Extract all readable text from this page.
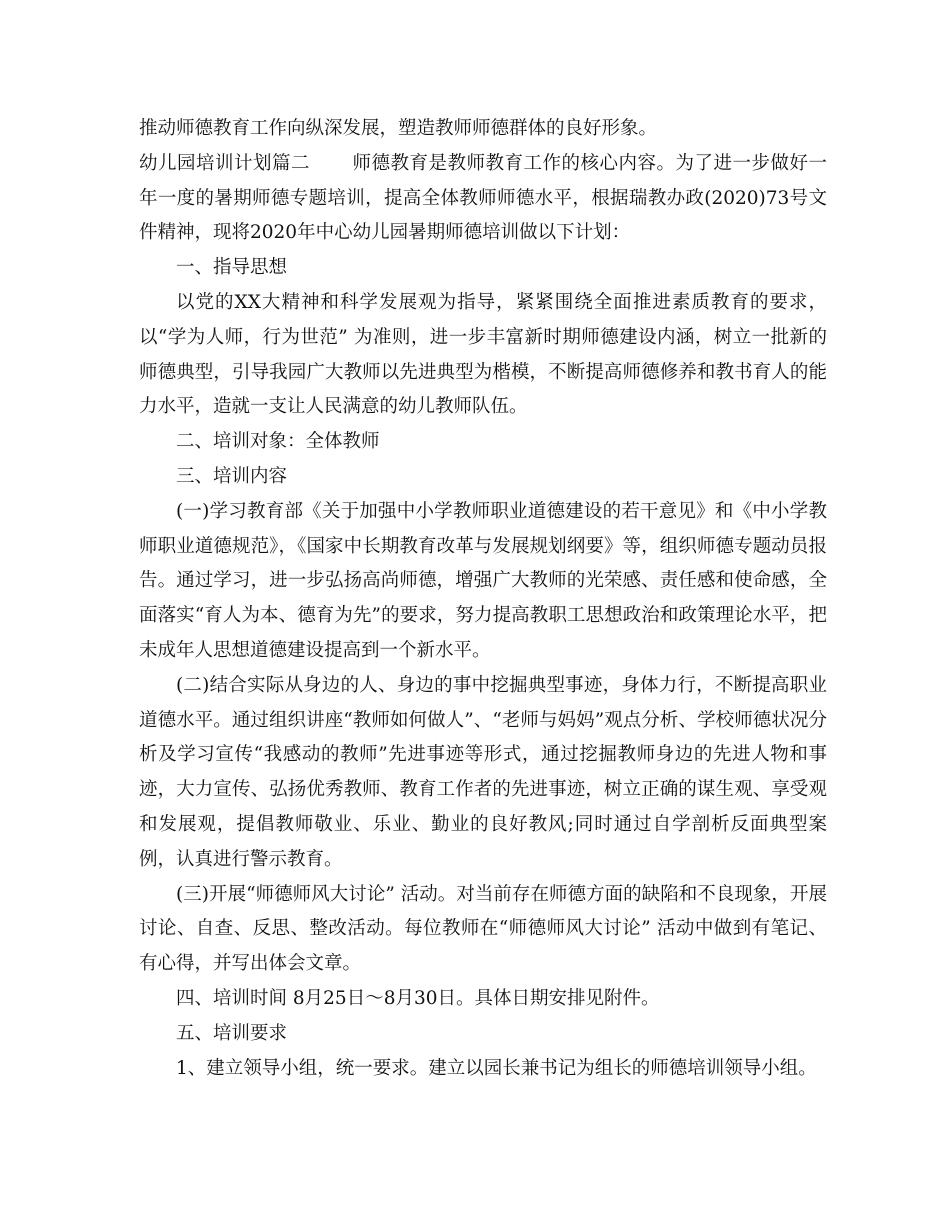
推动师德教育工作向纵深发展，塑造教师师德群体的良好形象。

幼儿园培训计划篇二 师德教育是教师教育工作的核心内容。为了进一步做好一年一度的暑期师德专题培训，提高全体教师师德水平，根据瑞教办政(2020)73号文件精神，现将2020年中心幼儿园暑期师德培训做以下计划：

一、指导思想

以党的XX大精神和科学发展观为指导，紧紧围绕全面推进素质教育的要求，以“学为人师，行为世范” 为准则，进一步丰富新时期师德建设内涵，树立一批新的师德典型，引导我园广大教师以先进典型为楷模，不断提高师德修养和教书育人的能力水平，造就一支让人民满意的幼儿教师队伍。

二、培训对象：全体教师

三、培训内容

(一)学习教育部《关于加强中小学教师职业道德建设的若干意见》和《中小学教师职业道德规范》，《国家中长期教育改革与发展规划纲要》等，组织师德专题动员报告。通过学习，进一步弘扬高尚师德，增强广大教师的光荣感、责任感和使命感，全面落实“育人为本、德育为先”的要求，努力提高教职工思想政治和政策理论水平，把未成年人思想道德建设提高到一个新水平。

(二)结合实际从身边的人、身边的事中挖掘典型事迹，身体力行，不断提高职业道德水平。通过组织讲座“教师如何做人”、“老师与妈妈”观点分析、学校师德状况分析及学习宣传“我感动的教师”先进事迹等形式，通过挖掘教师身边的先进人物和事迹，大力宣传、弘扬优秀教师、教育工作者的先进事迹，树立正确的谋生观、享受观和发展观，提倡教师敬业、乐业、勤业的良好教风;同时通过自学剖析反面典型案例，认真进行警示教育。

(三)开展“师德师风大讨论” 活动。对当前存在师德方面的缺陷和不良现象，开展讨论、自查、反思、整改活动。每位教师在“师德师风大讨论” 活动中做到有笔记、有心得，并写出体会文章。

四、培训时间 8月25日～8月30日。具体日期安排见附件。

五、培训要求

1、建立领导小组，统一要求。建立以园长兼书记为组长的师德培训领导小组。
